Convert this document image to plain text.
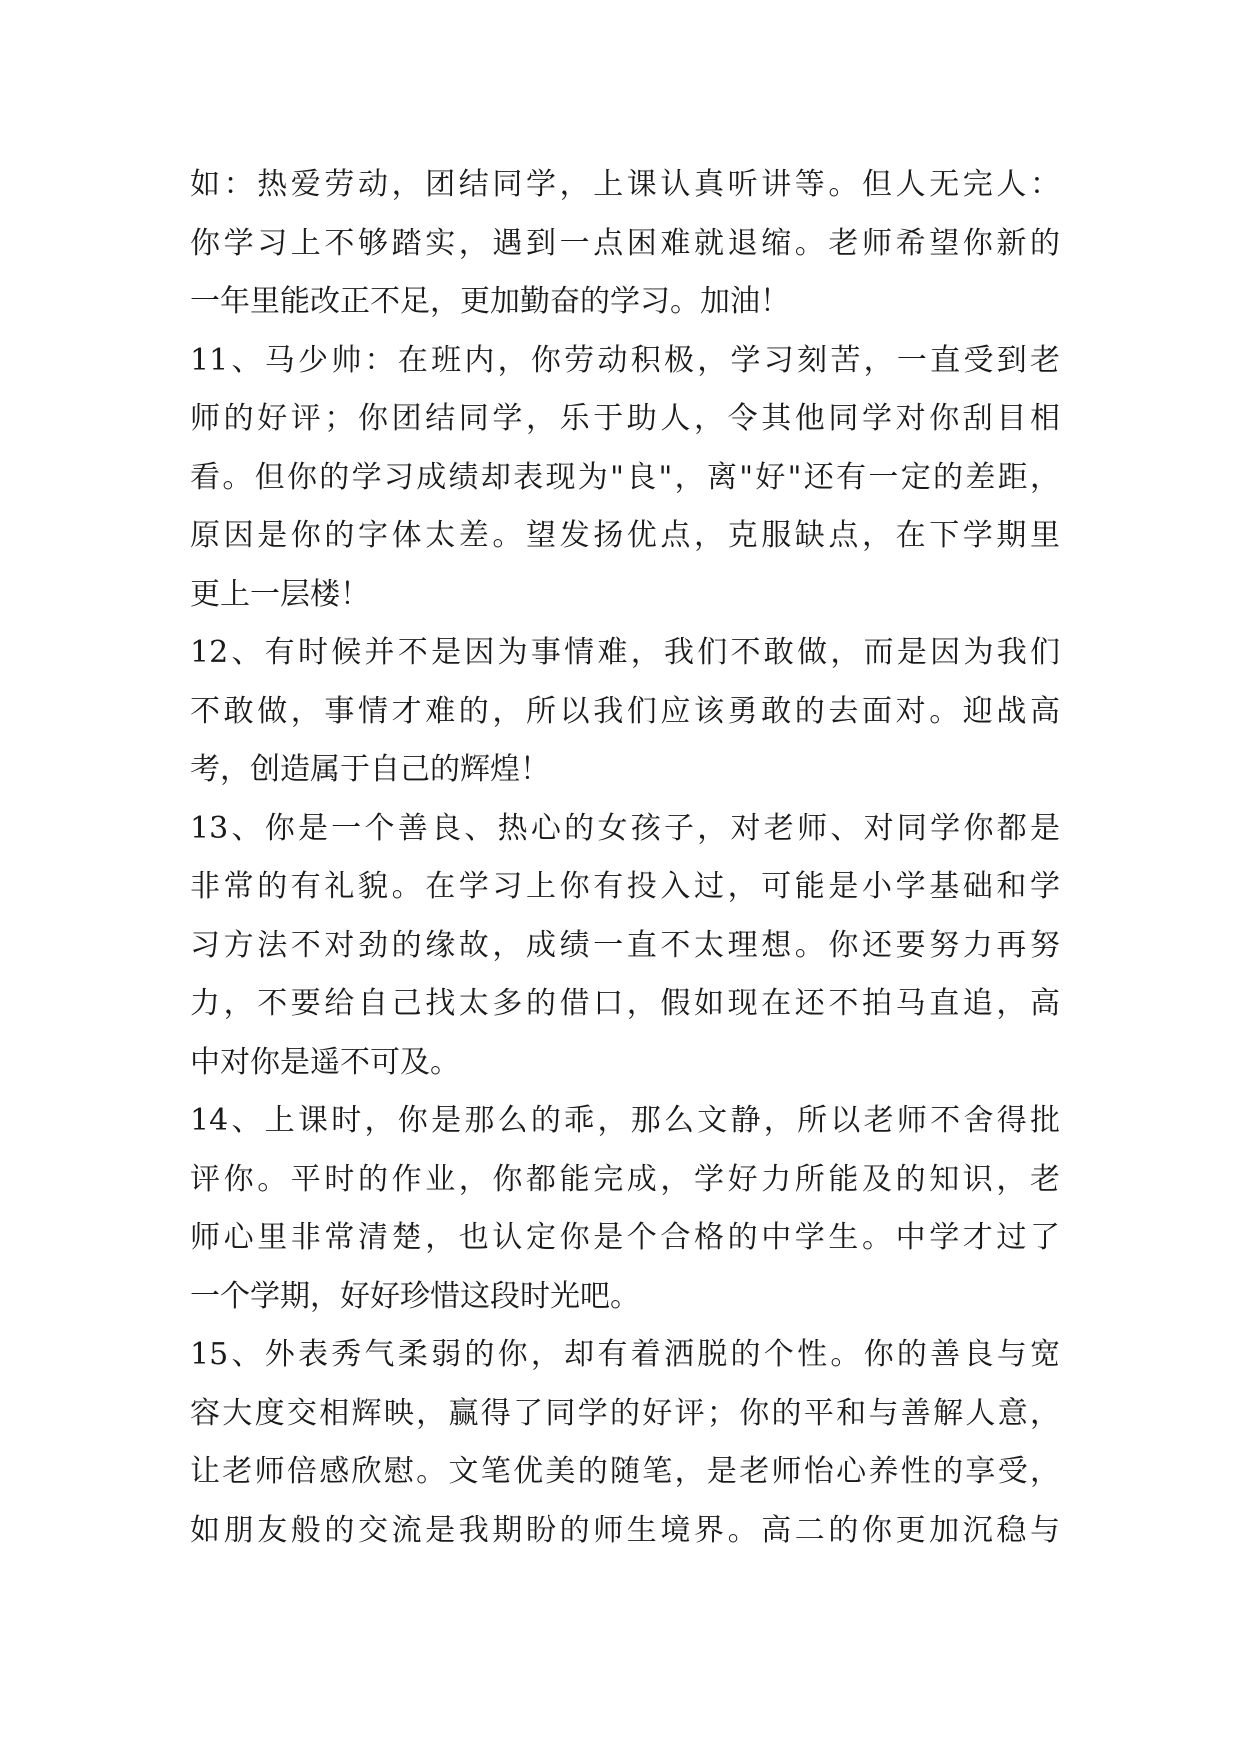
如：热爱劳动，团结同学，上课认真听讲等。但人无完人：
你学习上不够踏实，遇到一点困难就退缩。老师希望你新的
一年里能改正不足，更加勤奋的学习。加油！
11、马少帅：在班内，你劳动积极，学习刻苦，一直受到老
师的好评；你团结同学，乐于助人，令其他同学对你刮目相
看。但你的学习成绩却表现为"良"，离"好"还有一定的差距，
原因是你的字体太差。望发扬优点，克服缺点，在下学期里
更上一层楼！
12、有时候并不是因为事情难，我们不敢做，而是因为我们
不敢做，事情才难的，所以我们应该勇敢的去面对。迎战高
考，创造属于自己的辉煌！
13、你是一个善良、热心的女孩子，对老师、对同学你都是
非常的有礼貌。在学习上你有投入过，可能是小学基础和学
习方法不对劲的缘故，成绩一直不太理想。你还要努力再努
力，不要给自己找太多的借口，假如现在还不拍马直追，高
中对你是遥不可及。
14、上课时，你是那么的乖，那么文静，所以老师不舍得批
评你。平时的作业，你都能完成，学好力所能及的知识，老
师心里非常清楚，也认定你是个合格的中学生。中学才过了
一个学期，好好珍惜这段时光吧。
15、外表秀气柔弱的你，却有着洒脱的个性。你的善良与宽
容大度交相辉映，赢得了同学的好评；你的平和与善解人意，
让老师倍感欣慰。文笔优美的随笔，是老师怡心养性的享受，
如朋友般的交流是我期盼的师生境界。高二的你更加沉稳与
